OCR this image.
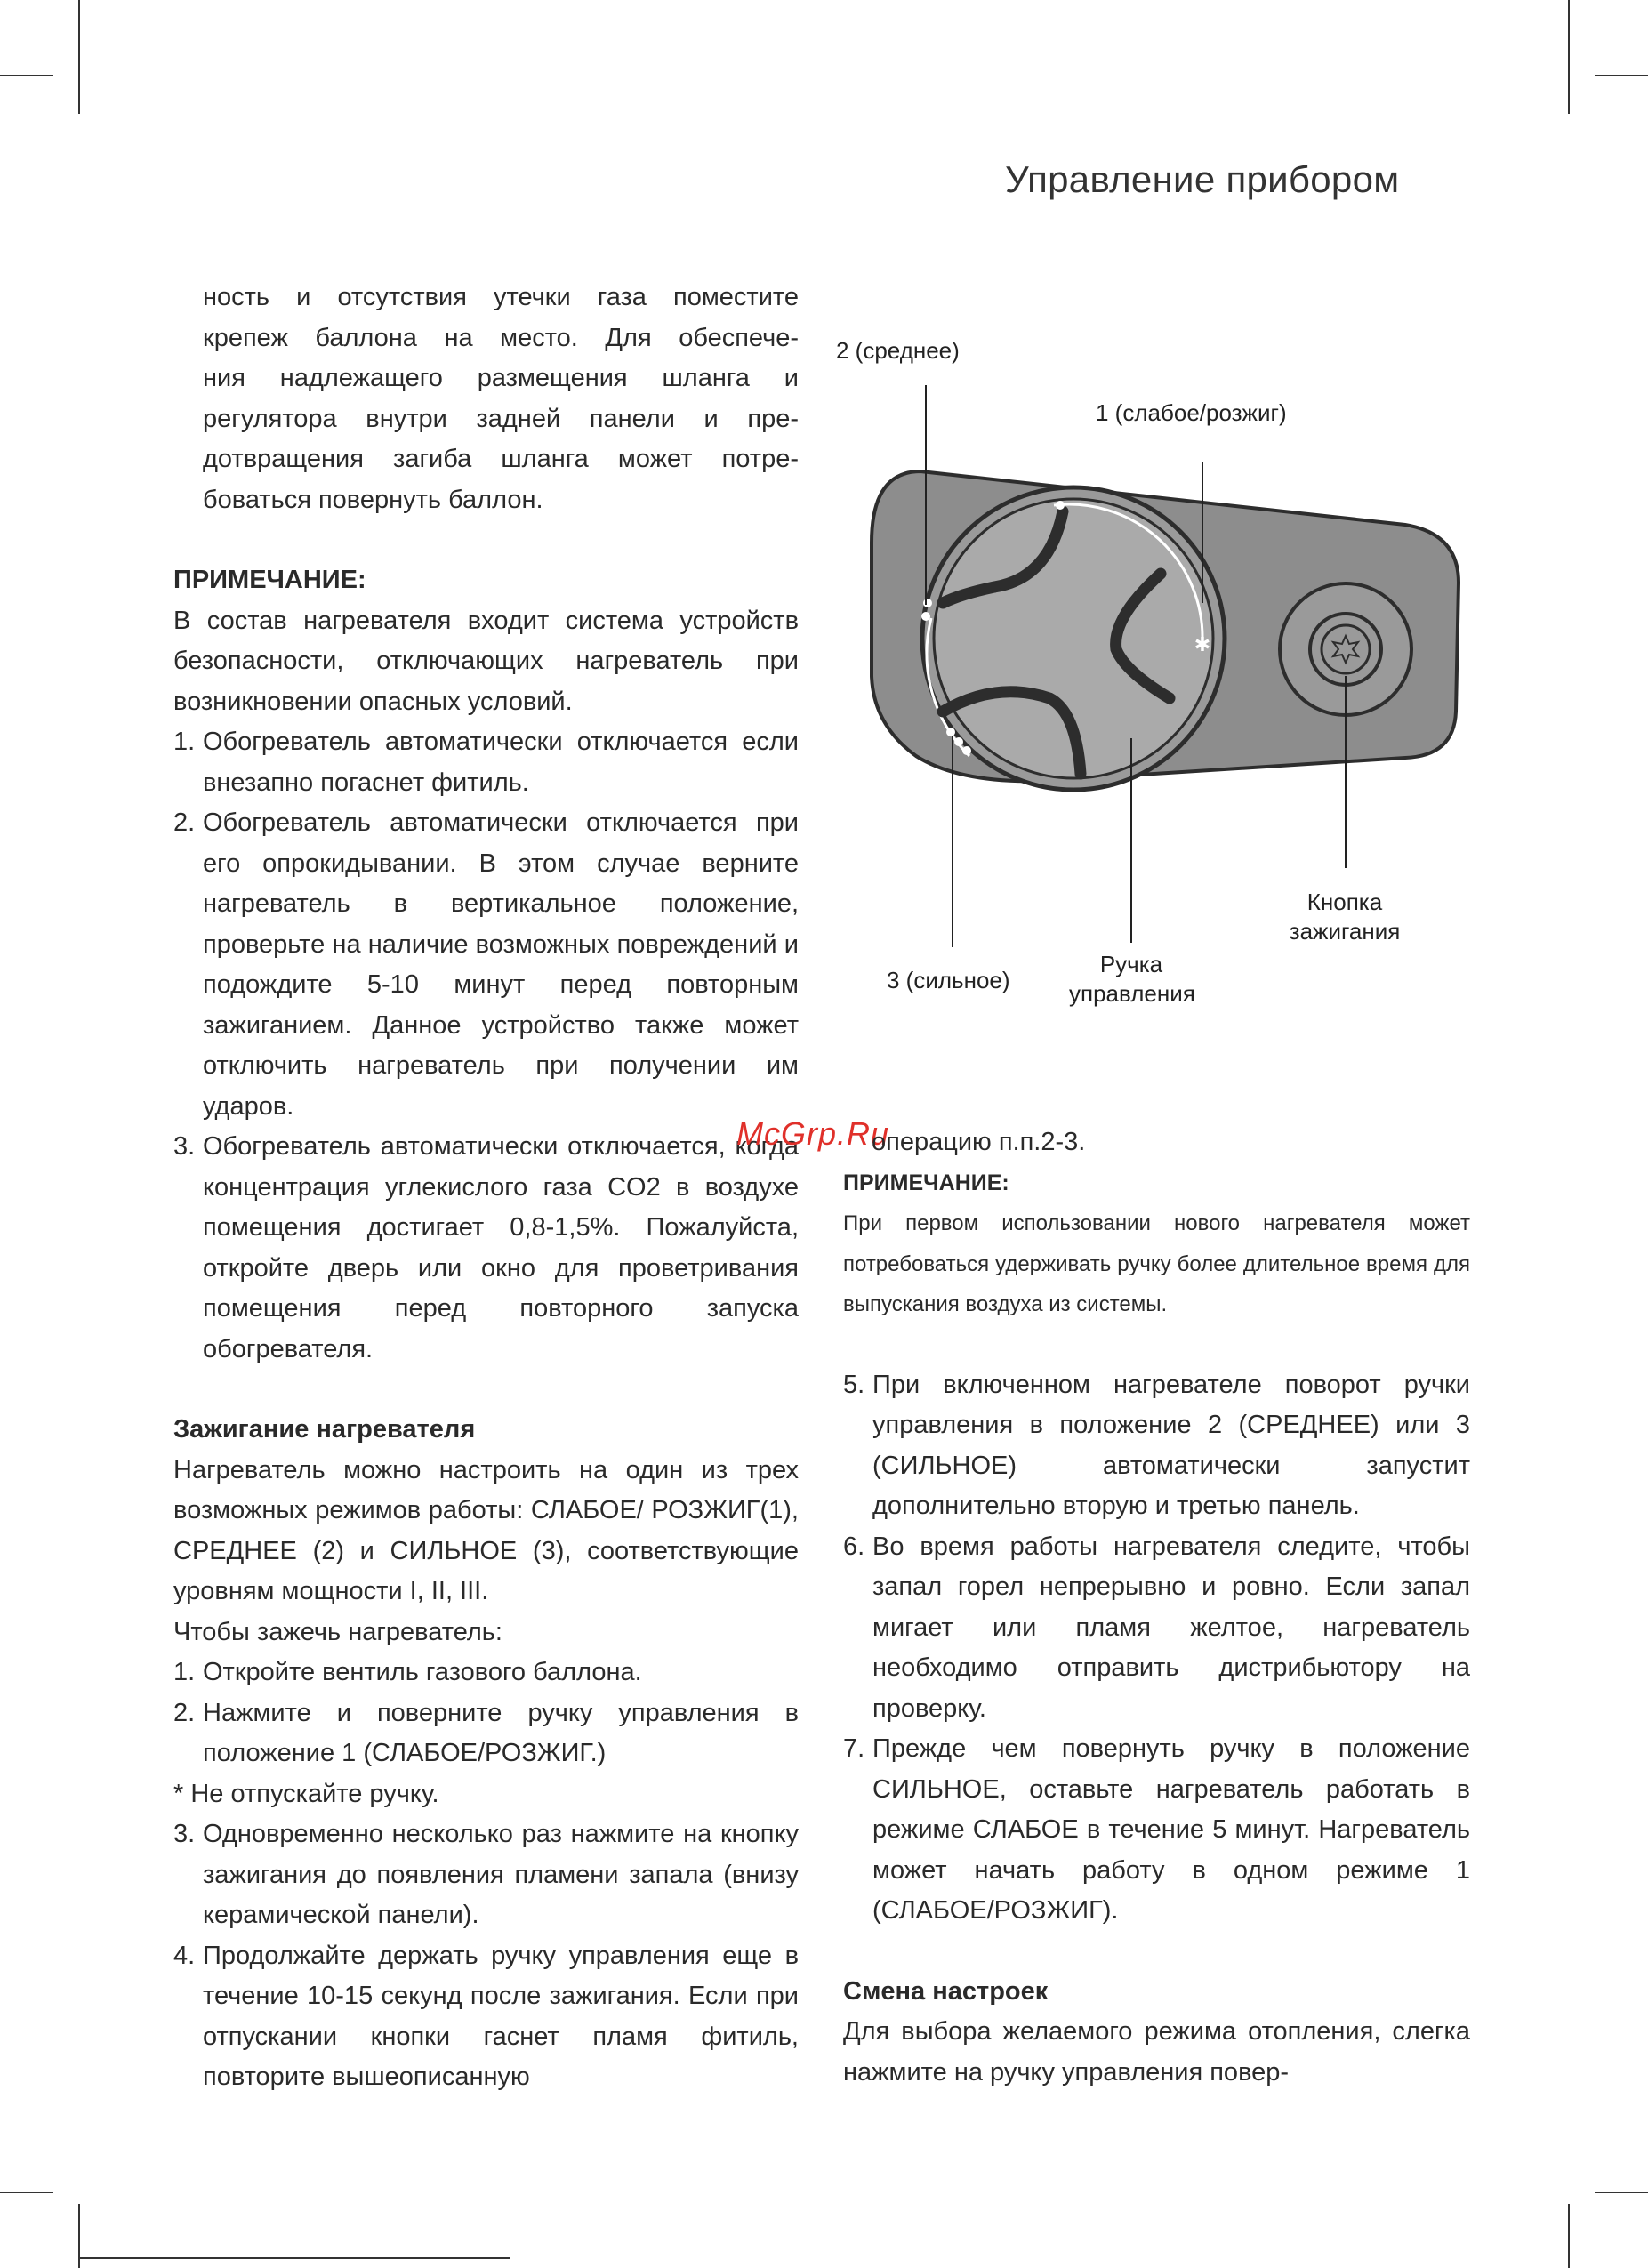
Управление прибором
ность и отсутствия утечки газа поместите
крепеж баллона на место. Для обеспече-
ния надлежащего размещения шланга и
регулятора внутри задней панели и пре-
дотвращения загиба шланга может потре-
боваться повернуть баллон.
ПРИМЕЧАНИЕ:
В состав нагревателя входит система устройств безопасности, отключающих нагреватель при возникновении опасных условий.
1. Обогреватель автоматически отключается если внезапно погаснет фитиль.
2. Обогреватель автоматически отключается при его опрокидывании. В этом случае верните нагреватель в вертикальное положение, проверьте на наличие возможных повреждений и подождите 5-10 минут перед повторным зажиганием. Данное устройство также может отключить нагреватель при получении им ударов.
3. Обогреватель автоматически отключается, когда концентрация углекислого газа CO2 в воздухе помещения достигает 0,8-1,5%. Пожалуйста, откройте дверь или окно для проветривания помещения перед повторного запуска обогревателя.
Зажигание нагревателя
Нагреватель можно настроить на один из трех возможных режимов работы: СЛАБОЕ/ РОЗЖИГ(1), СРЕДНЕЕ (2) и СИЛЬНОЕ (3), соответствующие уровням мощности I, II, III.
Чтобы зажечь нагреватель:
1. Откройте вентиль газового баллона.
2. Нажмите и поверните ручку управления в положение 1 (СЛАБОЕ/РОЗЖИГ.)
* Не отпускайте ручку.
3. Одновременно несколько раз нажмите на кнопку зажигания до появления пламени запала (внизу керамической панели).
4. Продолжайте держать ручку управления еще в течение 10-15 секунд после зажигания. Если при отпускании кнопки гаснет пламя фитиль, повторите вышеописанную
✱
2 (среднее)
1 (слабое/розжиг)
3 (сильное)
Ручка управления
Кнопка зажигания
McGrp.Ru
операцию п.п.2-3.
ПРИМЕЧАНИЕ:
При первом использовании нового нагревателя может потребоваться удерживать ручку более длительное время для выпускания воздуха из системы.
5. При включенном нагревателе поворот ручки управления в положение 2 (СРЕДНЕЕ) или 3 (СИЛЬНОЕ) автоматически запустит дополнительно вторую и третью панель.
6. Во время работы нагревателя следите, чтобы запал горел непрерывно и ровно. Если запал мигает или пламя желтое, нагреватель необходимо отправить дистрибьютору на проверку.
7. Прежде чем повернуть ручку в положение СИЛЬНОЕ, оставьте нагреватель работать в режиме СЛАБОЕ в течение 5 минут. Нагреватель может начать работу в одном режиме 1 (СЛАБОЕ/РОЗЖИГ).
Смена настроек
Для выбора желаемого режима отопления, слегка нажмите на ручку управления повер-
